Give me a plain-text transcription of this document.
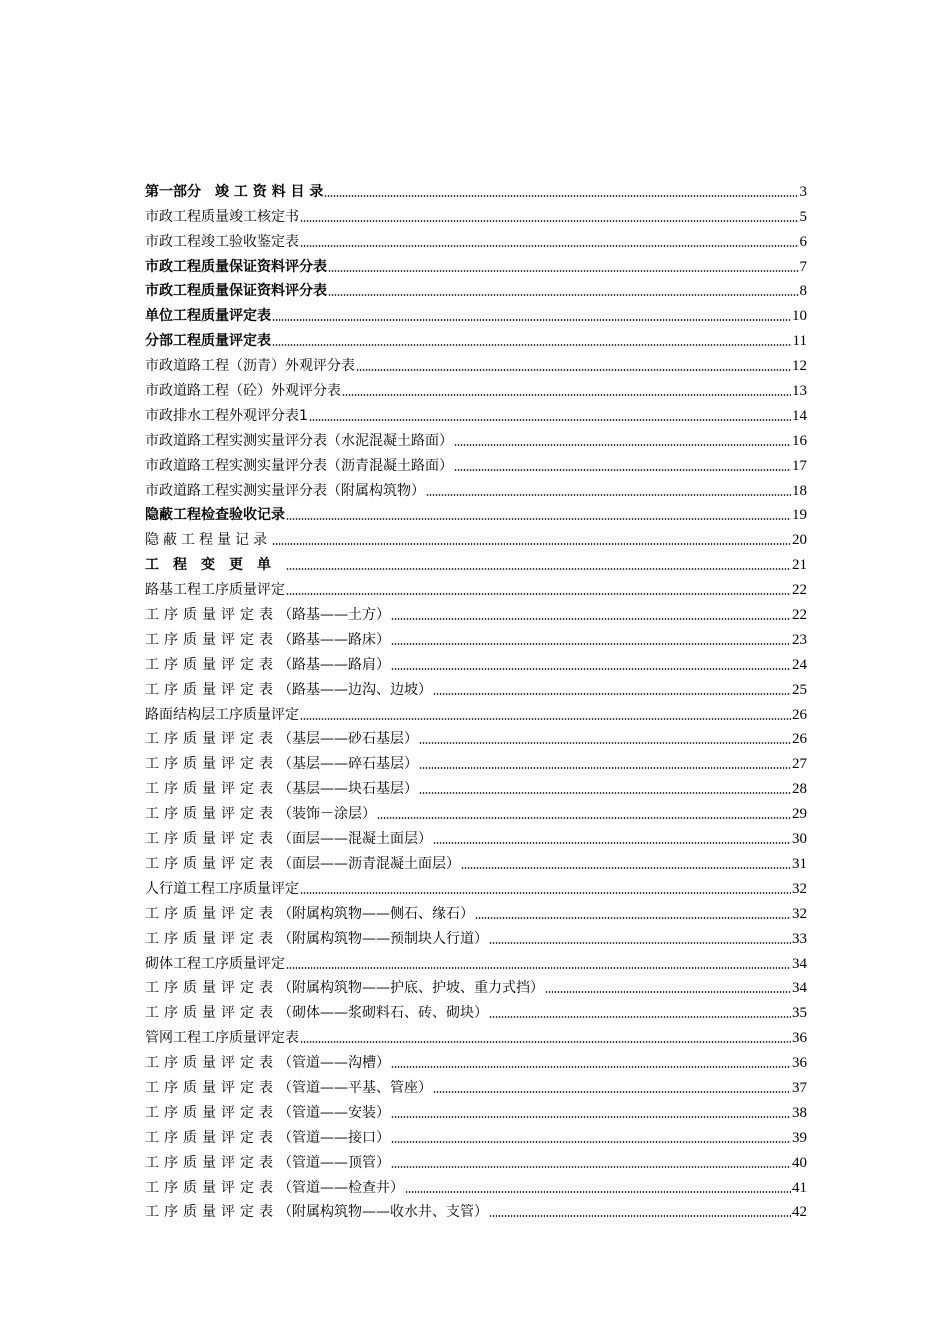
第一部分　竣 工 资 料 目 录	3
市政工程质量竣工核定书	5
市政工程竣工验收鉴定表	6
市政工程质量保证资料评分表	7
市政工程质量保证资料评分表	8
单位工程质量评定表	10
分部工程质量评定表	11
市政道路工程（沥青）外观评分表	12
市政道路工程（砼）外观评分表	13
市政排水工程外观评分表1	14
市政道路工程实测实量评分表（水泥混凝土路面）	16
市政道路工程实测实量评分表（沥青混凝土路面）	17
市政道路工程实测实量评分表（附属构筑物）	18
隐蔽工程检查验收记录	19
隐蔽工程量记录	20
工程变更单	21
路基工程工序质量评定	22
工序质量评定表（路基——土方）	22
工序质量评定表（路基——路床）	23
工序质量评定表（路基——路肩）	24
工序质量评定表（路基——边沟、边坡）	25
路面结构层工序质量评定	26
工序质量评定表（基层——砂石基层）	26
工序质量评定表（基层——碎石基层）	27
工序质量评定表（基层——块石基层）	28
工序质量评定表（装饰－涂层）	29
工序质量评定表（面层——混凝土面层）	30
工序质量评定表（面层——沥青混凝土面层）	31
人行道工程工序质量评定	32
工序质量评定表（附属构筑物——侧石、缘石）	32
工序质量评定表（附属构筑物——预制块人行道）	33
砌体工程工序质量评定	34
工序质量评定表（附属构筑物——护底、护坡、重力式挡）	34
工序质量评定表（砌体——浆砌料石、砖、砌块）	35
管网工程工序质量评定表	36
工序质量评定表（管道——沟槽）	36
工序质量评定表（管道——平基、管座）	37
工序质量评定表（管道——安装）	38
工序质量评定表（管道——接口）	39
工序质量评定表（管道——顶管）	40
工序质量评定表（管道——检查井）	41
工序质量评定表（附属构筑物——收水井、支管）	42
